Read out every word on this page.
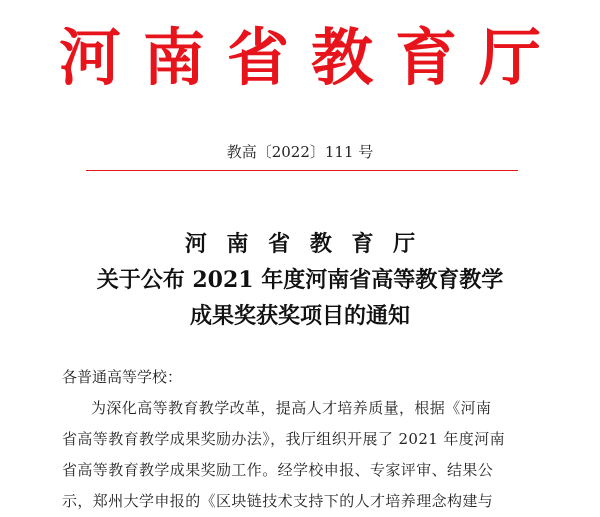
河南省教育厅
教高〔2022〕111 号
河 南 省 教 育 厅
关于公布 2021 年度河南省高等教育教学
成果奖获奖项目的通知
各普通高等学校：
为深化高等教育教学改革，提高人才培养质量，根据《河南
省高等教育教学成果奖励办法》，我厅组织开展了 2021 年度河南
省高等教育教学成果奖励工作。经学校申报、专家评审、结果公
示，郑州大学申报的《区块链技术支持下的人才培养理念构建与
